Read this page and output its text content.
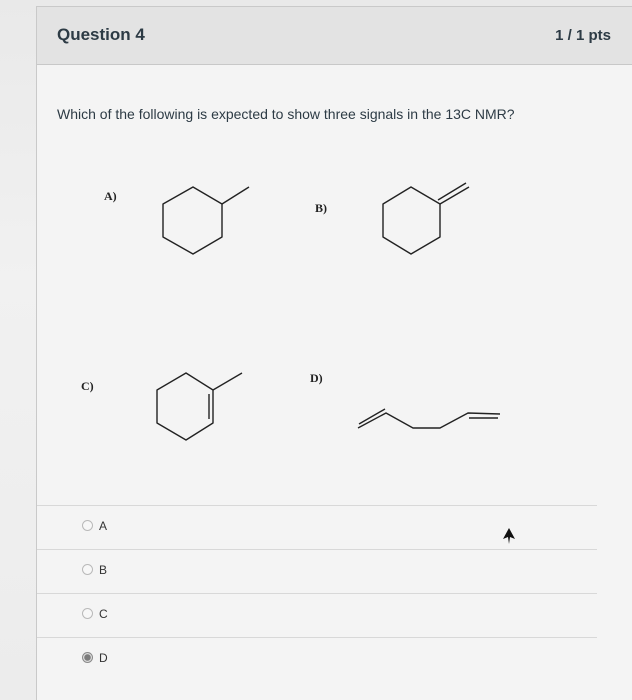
Question 4	1 / 1 pts
Which of the following is expected to show three signals in the 13C NMR?
A)
B)
C)
D)
A
B
C
D
